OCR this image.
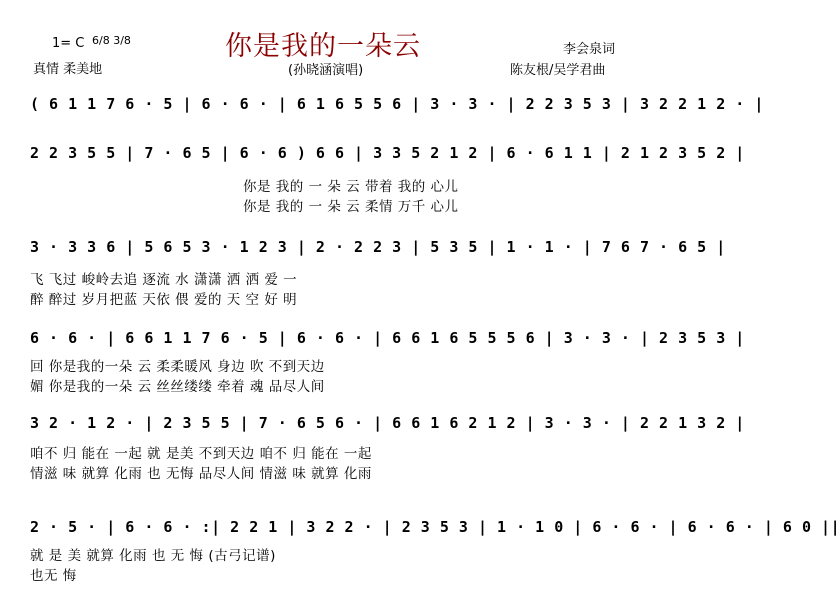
你是我的一朵云
1= C 6/8 3/8
李会泉词
真情 柔美地	(孙晓涵演唱)	陈友根/吴学君曲
( 6 1 1 7 6 · 5 | 6 · 6 · | 6 1 6 5 5 6 | 3 · 3 · | 2 2 3 5 3 | 3 2 2 1 2 · |
2 2 3 5 5 | 7 · 6 5 | 6 · 6 ) 6 6 | 3 3 5 2 1 2 | 6 · 6 1 1 | 2 1 2 3 5 2 |
你是 我的 一 朵 云 带着 我的 心儿
你是 我的 一 朵 云 柔情 万千 心儿
3 · 3 3 6 | 5 6 5 3 · 1 2 3 | 2 · 2 2 3 | 5 3 5 | 1 · 1 · | 7 6 7 · 6 5 |
飞 飞过 峻岭去追 逐流 水 潇潇 洒 洒 爱 一
醉 醉过 岁月把蓝 天依 偎 爱的 天 空 好 明
6 · 6 · | 6 6 1 1 7 6 · 5 | 6 · 6 · | 6 6 1 6 5 5 5 6 | 3 · 3 · | 2 3 5 3 |
回 你是我的一朵 云 柔柔暖风 身边 吹 不到天边
媚 你是我的一朵 云 丝丝缕缕 牵着 魂 品尽人间
3 2 · 1 2 · | 2 3 5 5 | 7 · 6 5 6 · | 6 6 1 6 2 1 2 | 3 · 3 · | 2 2 1 3 2 |
咱不 归 能在 一起 就 是美 不到天边 咱不 归 能在 一起
情滋 味 就算 化雨 也 无悔 品尽人间 情滋 味 就算 化雨
2 · 5 · | 6 · 6 · :| 2 2 1 | 3 2 2 · | 2 3 5 3 | 1 · 1 0 | 6 · 6 · | 6 · 6 · | 6 0 ||
就 是 美 就算 化雨 也 无 悔 (古弓记谱)
也无 悔
